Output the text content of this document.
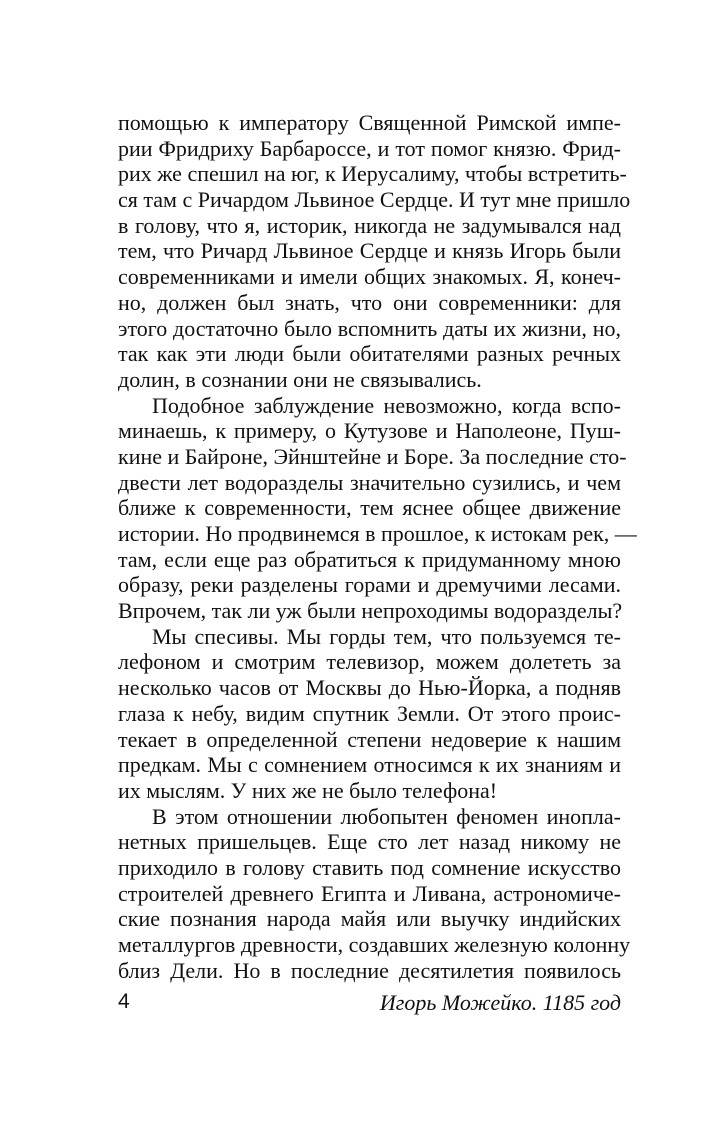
помощью к императору Священной Римской импе-
рии Фридриху Барбароссе, и тот помог князю. Фрид-
рих же спешил на юг, к Иерусалиму, чтобы встретить-
ся там с Ричардом Львиное Сердце. И тут мне пришло
в голову, что я, историк, никогда не задумывался над
тем, что Ричард Львиное Сердце и князь Игорь были
современниками и имели общих знакомых. Я, конеч-
но, должен был знать, что они современники: для
этого достаточно было вспомнить даты их жизни, но,
так как эти люди были обитателями разных речных
долин, в сознании они не связывались.
Подобное заблуждение невозможно, когда вспо-
минаешь, к примеру, о Кутузове и Наполеоне, Пуш-
кине и Байроне, Эйнштейне и Боре. За последние сто-
двести лет водоразделы значительно сузились, и чем
ближе к современности, тем яснее общее движение
истории. Но продвинемся в прошлое, к истокам рек, —
там, если еще раз обратиться к придуманному мною
образу, реки разделены горами и дремучими лесами.
Впрочем, так ли уж были непроходимы водоразделы?
Мы спесивы. Мы горды тем, что пользуемся те-
лефоном и смотрим телевизор, можем долететь за
несколько часов от Москвы до Нью-Йорка, а подняв
глаза к небу, видим спутник Земли. От этого проис-
текает в определенной степени недоверие к нашим
предкам. Мы с сомнением относимся к их знаниям и
их мыслям. У них же не было телефона!
В этом отношении любопытен феномен инопла-
нетных пришельцев. Еще сто лет назад никому не
приходило в голову ставить под сомнение искусство
строителей древнего Египта и Ливана, астрономиче-
ские познания народа майя или выучку индийских
металлургов древности, создавших железную колонну
близ Дели. Но в последние десятилетия появилось
4	Игорь Можейко. 1185 год
